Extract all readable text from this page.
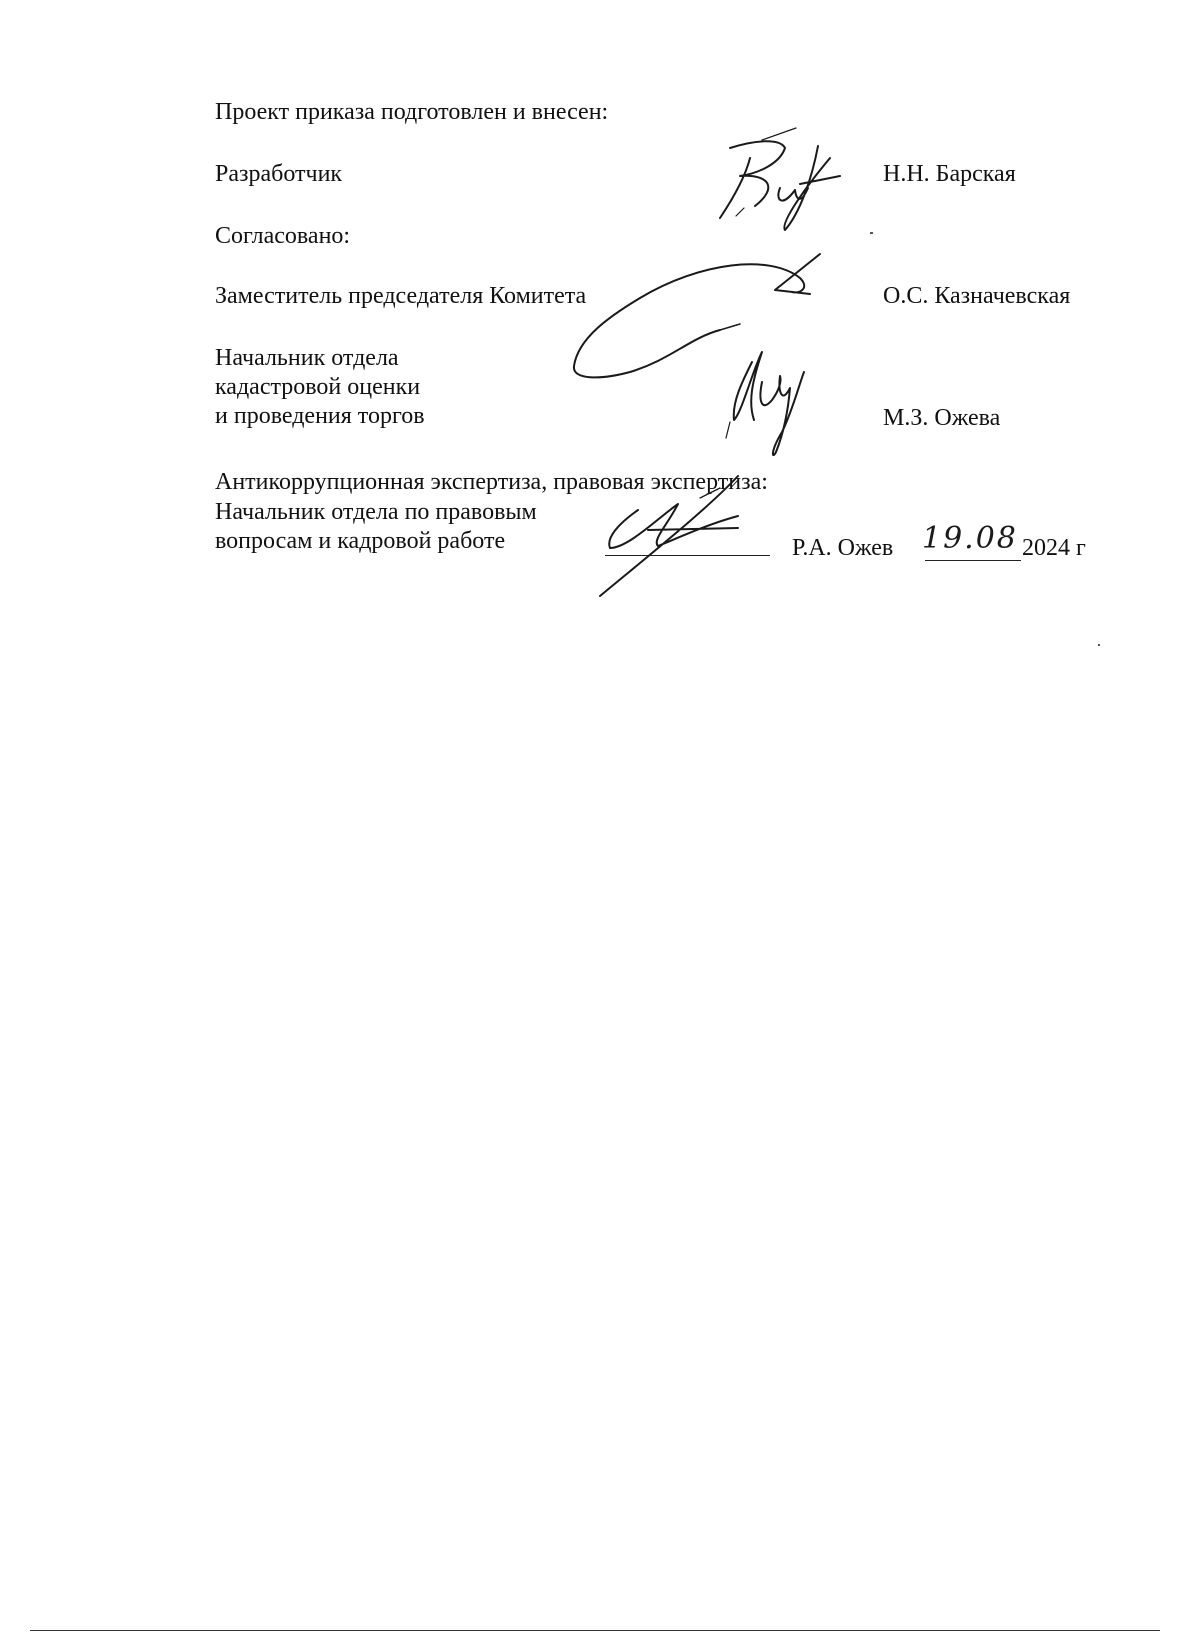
Проект приказа подготовлен и внесен:
Разработчик	Н.Н. Барская
Согласовано:
Заместитель председателя Комитета	О.С. Казначевская
Начальник отдела
кадастровой оценки
и проведения торгов	М.З. Ожева
Антикоррупционная экспертиза, правовая экспертиза:
Начальник отдела по правовым
вопросам и кадровой работе	Р.А. Ожев 19.08 2024 г
